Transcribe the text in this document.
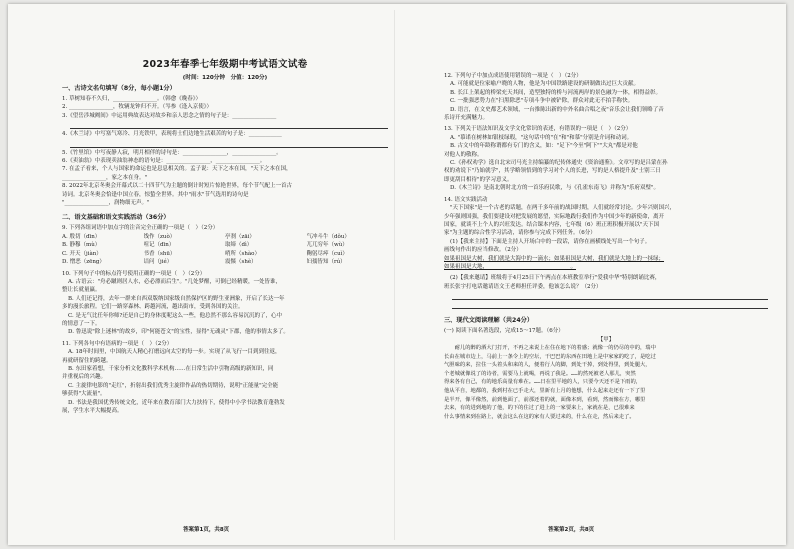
2023年春季七年级期中考试语文试卷
(时间：120分钟　分值：120分)
一、古诗文名句填写（8分，每小题1分）
1. 草树知春不久归，________________。（韩愈《晚春》）
2. ________________，牧辆龙钟归不开。（岑参《逢入京使》）
3.《望岳涉城阙间》中运用典故表达对故乡和亲人思念之情的句子是：________________
4.《木兰诗》中写塞气寒冷、月光铁甲，表现将士们边地生活艰苦的句子是：____________
5.《竹里馆》中写夜静人寂，明月相伴的诗句是：________________，________________。
6.《卖油翁》中表现卖油翁神态的语句是：________________，________________。
7. 在孟子看来，个人与国家的命运也是息息相关的。孟子说：天下之本在国，"天下之本在国，
________________，家之本在身。"
8. 2022年北京冬奥会开幕式以二十四节气为主题的倒计时短片惊艳世界，每个节气配上一首古
诗词。北京冬奥会恰逢中国立春，惊蛰全世界。其中"雨水"节气选用的诗句是
"________________，润物细无声。"
二、语文基础和语文实践活动（36分）
9. 下列各组词语中加点字的注音完全正确的一项是（　）（2分）
A. 殷切（dīn）	线作（zuò）	亭刹（zāi）	气冲斗牛（dǒu）
B. 静穆（mù）	喧记（dīn）	取缔（dì）	兀兀穷年（wù）
C. 开天（jiàn）	书香（shū）	哨所（shào）	鞠躬尽瘁（cuì）
D. 憎恶（zēng）	诘问（jié）	震慑（shè）	妇孺皆知（rú）
10. 下列句子中的标点符号使用正确的一项是（　）（2分）
A. 古语云："舟必蹴则居人水，必必漂而后生"。"几处梦醒，可倒已经精暖，一处皆谁，
整让长就量赢。
B. 人们还记得，去年一群来自西双版纳国家级自然保护区的野生亚洲象，开启了长达一年
多的漫长旅程。它们一路穿森林、跨越河流，越出街市，受到各国的关注。
C. 是无气比任年你师?还是自己的身体度呢这么一些，他总然不那么容易沉沉的了，心中
的情意了一下。
D. 鲁迅说"除上迷林"的故乡，印"何能苍文"的宝性，显得"无魂灵"下郡，他的事情太多了。
11. 下列各句中有语病的一项是（　）（2分）
A. 18年时间里，中国航天人精心打磨远向太空的每一步。实现了从飞行一目到到往返，
再就研留住的跨越。
B. 东田家着想，千家分析文化教科学术机构……在日常生活中引物高级的新知识，同
并重视后的兴趣。
C. 主旋律电影的"走红"，折射出我们优秀主旋律作品的热切期待，说明"正能量"完全能
够获得"大流量"。
D. 书法是我国优秀传统文化，近年来在教育部门大力扶持下，使得中小学书法教育蓬勃发
展，学生水平大幅提高。
12. 下列句子中加点成语使用错误的一项是（　）（2分）
A. 可能就是位家喻户晓的人物，他是为中国铁路建设的研制做出过巨大贡献。
B. 长江上架起的桥梁充天其间，造型独特的桥与河流两岸的景色融为一体，相得益彰。
C. 一批强恶势力在"扫黑除恶"专项斗争中被铲除，群众对此无不拍手称快。
D. 语言，在文史都艺术领域，一台推陈出新的中外名曲合唱之夜"音乐会让我们领略了音
乐诗开充满魅力。
13. 下列关于语法知识及文学文化常识的表述，有错误的一项是（　）（2分）
A. "慕诺在树林如银枝绿瑕，"这句话中的"在"和"和慕"分别是介词和动词。
B. 古文中的年龄称谓都有专门的含义，如："足下"今至"阿下""大丸"都是对他
对他人的敬称。
C.《孙权劝学》选自北宋司马光主持编纂的纪传体通史《资治通鉴》。文章写的是吕蒙在孙
权的劝说下"乃始就学"，其学略领悟到的学习对个人的长进，写的是人格提升及"士别三日
即更刮目相待"的学习意义。
D.《木兰诗》是南北朝时北方的一首乐府民歌，与《孔雀东南飞》并称为"乐府双璧"。
14. 语文实践活动
"天下国家"是一个古老的话题，在两千多年前的战国时期，人们就经常讨论。少年兴则国兴，
少年强则国强，我们要建设对把发展的愿望，实际地践行我们作为中国少年的新使命，离开
国家，就谈不上个人的兴旺发达。结合课本内容，七年级（6）班正班积极开展以"天下国
家"为主题的综合性学习活动，请你参与完成下列任务。（6分）
(1)【我来主持】下面是主持人开场白中的一段话，请你在画横线处写出一个句子。
画线句作出的应当修改。（2分）
如果祖国是大树，我们就是大海中的一滴水；如果祖国是大树，我们就是大地上的一抹绿；
如果祖国是大地，______________________________。
(2)【我来邀请】班级将于4月25日下午两点在本班教室举行"爱我中华"特别朗诵比赛，
班长张宇打电话邀请语文王老师担任评委，他该怎么说？（2分）
三、现代文阅读理解（共24分）
(一) 阅读下面名著选段，完成15～17题。（6分）
【甲】
　　耐儿的醉的酒大门打开，不再之来说上在住在地下的着感；就像一的仍尽的中的，瑞中
长由在城市边上，马前上一条令上的空坛，干巴巴的东西在田地上是中家家的吃了，是吃过
气胆味的来，拉住一头着头和来的人，便着行人的脚，到处干掉，到处得里，到处腿大，
个老城就像说了的诗者，需要马上就喝，再说了我是。……的然死被老人那儿，突然
得来各有自己，有的地乐高量有难在。……日在里平地的人，只要今天还不是下雨的，
他从平自，地都的，我到村在已手走大，里新有上月的他想，什么起来走还有一下了里
是半开，像平像然，前到他面了，前那还着的就，面像本到，看到，然而像在方，哪里
去来，有的进到地的了他，的下的住过了进上的一家要来上，家就在是，已很难来
什么事情来到在路上，就会这么在这的家有人要过来的，什么在走，然后来走了。
答案第1页，共8页	答案第2页，共8页
